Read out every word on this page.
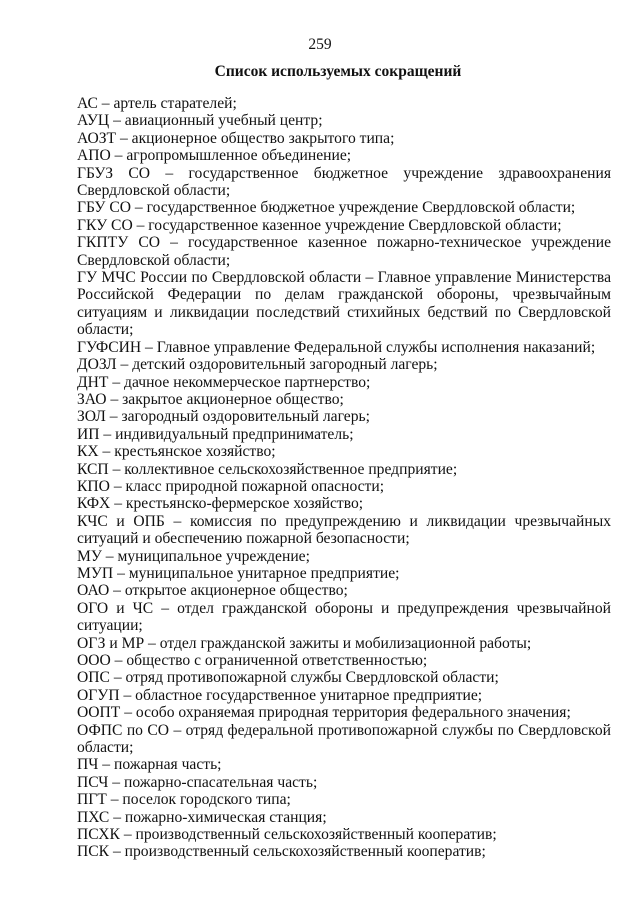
259
Список используемых сокращений

АС – артель старателей;

АУЦ – авиационный учебный центр;

АОЗТ – акционерное общество закрытого типа;

АПО – агропромышленное объединение;

ГБУЗ СО – государственное бюджетное учреждение здравоохранения Свердловской области;

ГБУ СО – государственное бюджетное учреждение Свердловской области;

ГКУ СО – государственное казенное учреждение Свердловской области;

ГКПТУ СО – государственное казенное пожарно-техническое учреждение Свердловской области;

ГУ МЧС России по Свердловской области – Главное управление Министерства Российской Федерации по делам гражданской обороны, чрезвычайным ситуациям и ликвидации последствий стихийных бедствий по Свердловской области;

ГУФСИН – Главное управление Федеральной службы исполнения наказаний;

ДОЗЛ – детский оздоровительный загородный лагерь;

ДНТ – дачное некоммерческое партнерство;

ЗАО – закрытое акционерное общество;

ЗОЛ – загородный оздоровительный лагерь;

ИП – индивидуальный предприниматель;

КХ – крестьянское хозяйство;

КСП – коллективное сельскохозяйственное предприятие;

КПО – класс природной пожарной опасности;

КФХ – крестьянско-фермерское хозяйство;

КЧС и ОПБ – комиссия по предупреждению и ликвидации чрезвычайных ситуаций и обеспечению пожарной безопасности;

МУ – муниципальное учреждение;

МУП – муниципальное унитарное предприятие;

ОАО – открытое акционерное общество;

ОГО и ЧС – отдел гражданской обороны и предупреждения чрезвычайной ситуации;

ОГЗ и МР – отдел гражданской зажиты и мобилизационной работы;

ООО – общество с ограниченной ответственностью;

ОПС – отряд противопожарной службы Свердловской области;

ОГУП – областное государственное унитарное предприятие;

ООПТ – особо охраняемая природная территория федерального значения;

ОФПС по СО – отряд федеральной противопожарной службы по Свердловской области;

ПЧ – пожарная часть;

ПСЧ – пожарно-спасательная часть;

ПГТ – поселок городского типа;

ПХС – пожарно-химическая станция;

ПСХК – производственный сельскохозяйственный кооператив;

ПСК – производственный сельскохозяйственный кооператив;
